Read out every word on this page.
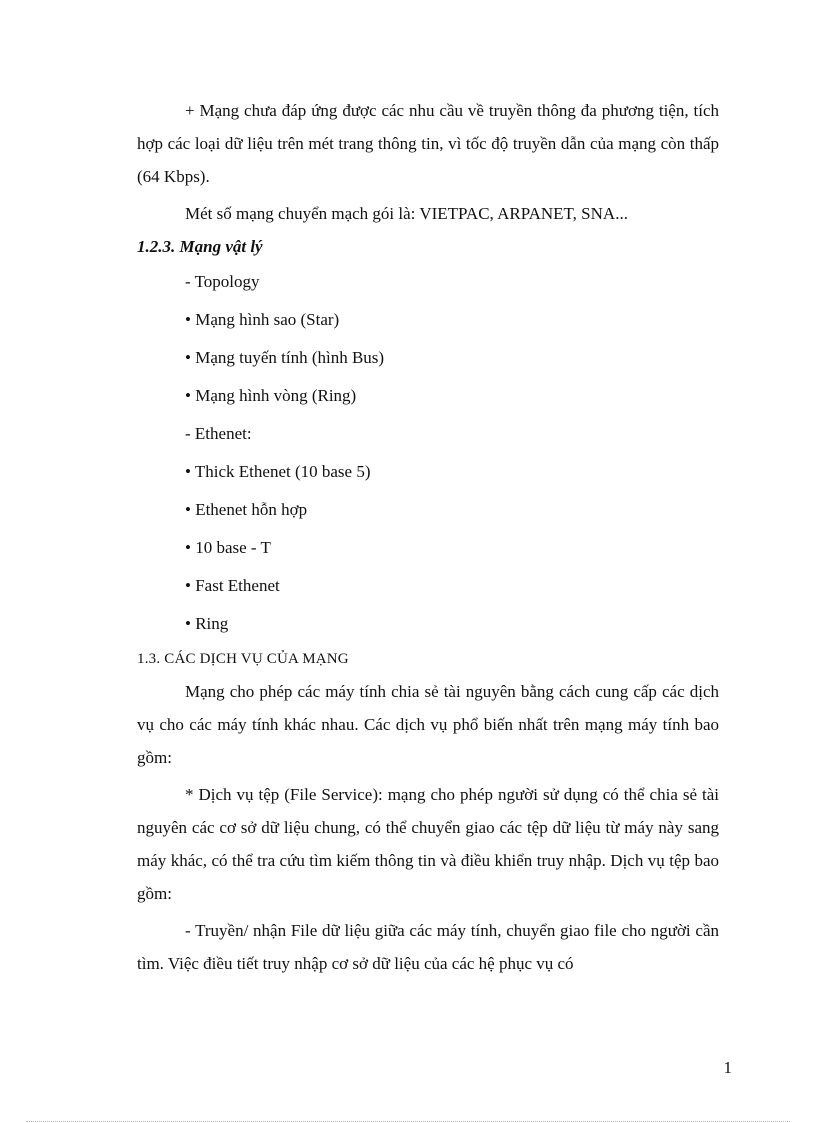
+ Mạng chưa đáp ứng được các nhu cầu về truyền thông đa phương tiện, tích hợp các loại dữ liệu trên mét trang thông tin, vì tốc độ truyền dẫn của mạng còn thấp (64 Kbps).

Mét số mạng chuyển mạch gói là: VIETPAC, ARPANET, SNA...

1.2.3. Mạng vật lý

- Topology

• Mạng hình sao (Star)

• Mạng tuyến tính (hình Bus)

• Mạng hình vòng (Ring)

- Ethenet:

• Thick Ethenet (10 base 5)

• Ethenet hỗn hợp

• 10 base - T

• Fast Ethenet

• Ring

1.3. CÁC DỊCH VỤ CỦA MẠNG

Mạng cho phép các máy tính chia sẻ tài nguyên bằng cách cung cấp các dịch vụ cho các máy tính khác nhau. Các dịch vụ phổ biến nhất trên mạng máy tính bao gồm:

* Dịch vụ tệp (File Service): mạng cho phép người sử dụng có thể chia sẻ tài nguyên các cơ sở dữ liệu chung, có thể chuyển giao các tệp dữ liệu từ máy này sang máy khác, có thể tra cứu tìm kiếm thông tin và điều khiển truy nhập. Dịch vụ tệp bao gồm:

- Truyền/ nhận File dữ liệu giữa các máy tính, chuyển giao file cho người cần tìm. Việc điều tiết truy nhập cơ sở dữ liệu của các hệ phục vụ có

1
